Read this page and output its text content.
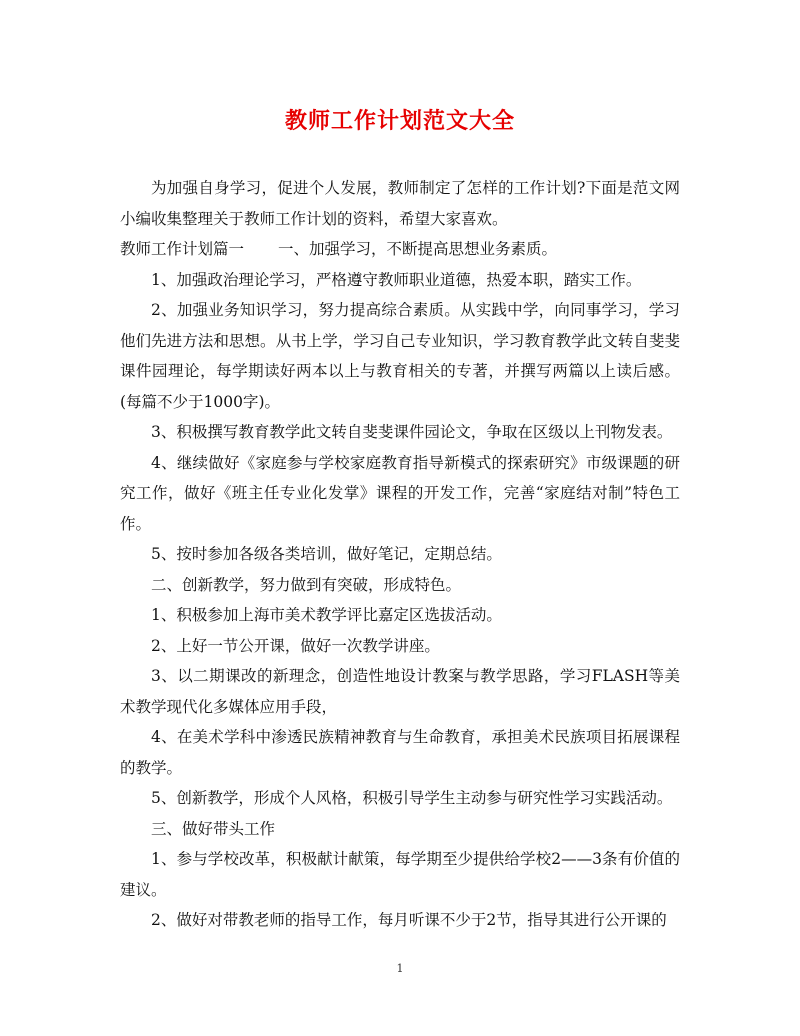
教师工作计划范文大全

为加强自身学习，促进个人发展，教师制定了怎样的工作计划?下面是范文网小编收集整理关于教师工作计划的资料，希望大家喜欢。

教师工作计划篇一 一、加强学习，不断提高思想业务素质。

1、加强政治理论学习，严格遵守教师职业道德，热爱本职，踏实工作。

2、加强业务知识学习，努力提高综合素质。从实践中学，向同事学习，学习他们先进方法和思想。从书上学，学习自己专业知识，学习教育教学此文转自斐斐课件园理论，每学期读好两本以上与教育相关的专著，并撰写两篇以上读后感。(每篇不少于1000字)。

3、积极撰写教育教学此文转自斐斐课件园论文，争取在区级以上刊物发表。

4、继续做好《家庭参与学校家庭教育指导新模式的探索研究》市级课题的研究工作，做好《班主任专业化发掌》课程的开发工作，完善“家庭结对制”特色工作。

5、按时参加各级各类培训，做好笔记，定期总结。

二、创新教学，努力做到有突破，形成特色。

1、积极参加上海市美术教学评比嘉定区选拔活动。

2、上好一节公开课，做好一次教学讲座。

3、以二期课改的新理念，创造性地设计教案与教学思路，学习FLASH等美术教学现代化多媒体应用手段，

4、在美术学科中渗透民族精神教育与生命教育，承担美术民族项目拓展课程的教学。

5、创新教学，形成个人风格，积极引导学生主动参与研究性学习实践活动。

三、做好带头工作

1、参与学校改革，积极献计献策，每学期至少提供给学校2——3条有价值的建议。

2、做好对带教老师的指导工作，每月听课不少于2节，指导其进行公开课的

1
